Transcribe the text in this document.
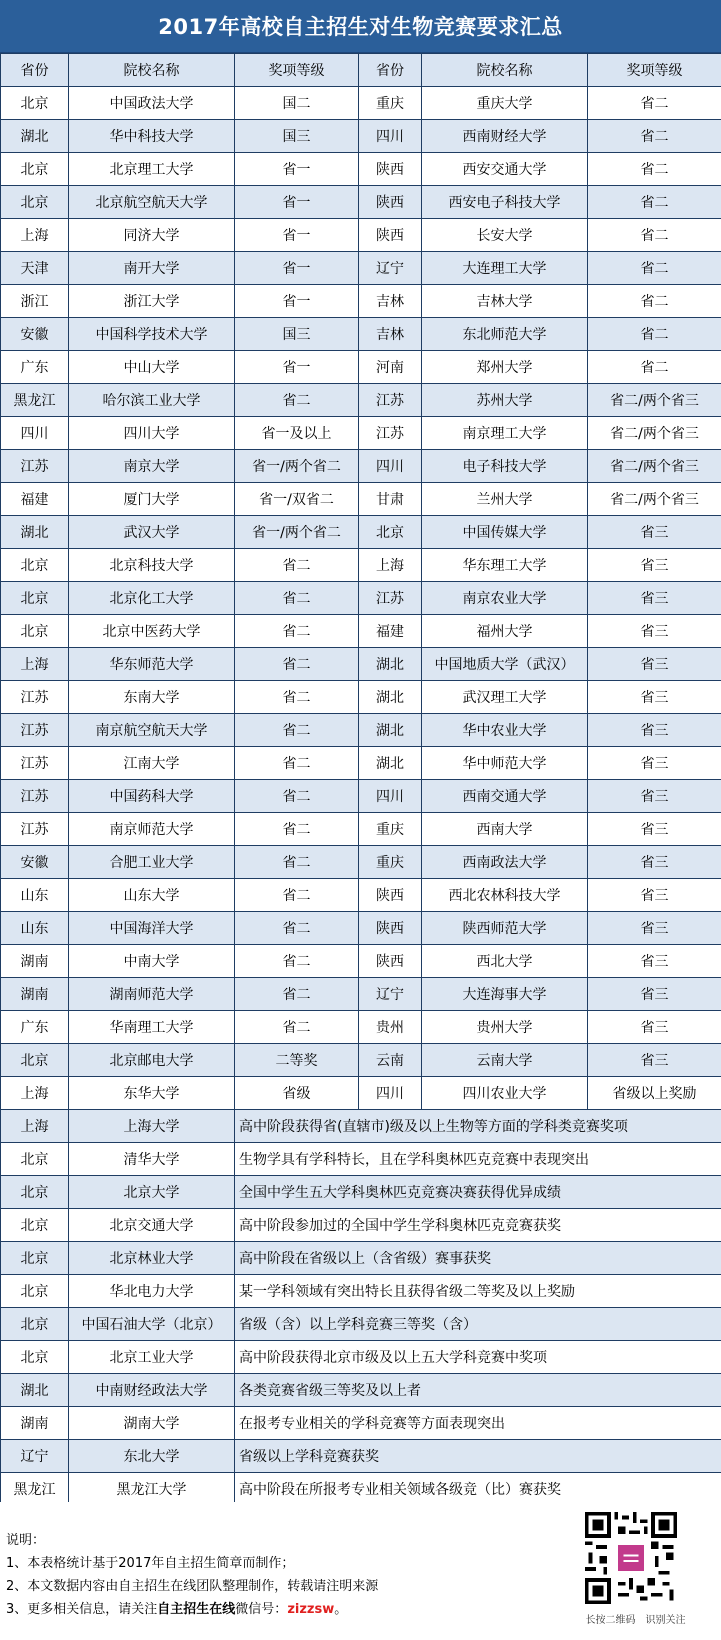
2017年高校自主招生对生物竞赛要求汇总
省份	院校名称	奖项等级	省份	院校名称	奖项等级
北京	中国政法大学	国二	重庆	重庆大学	省二
湖北	华中科技大学	国三	四川	西南财经大学	省二
北京	北京理工大学	省一	陕西	西安交通大学	省二
北京	北京航空航天大学	省一	陕西	西安电子科技大学	省二
上海	同济大学	省一	陕西	长安大学	省二
天津	南开大学	省一	辽宁	大连理工大学	省二
浙江	浙江大学	省一	吉林	吉林大学	省二
安徽	中国科学技术大学	国三	吉林	东北师范大学	省二
广东	中山大学	省一	河南	郑州大学	省二
黑龙江	哈尔滨工业大学	省二	江苏	苏州大学	省二/两个省三
四川	四川大学	省一及以上	江苏	南京理工大学	省二/两个省三
江苏	南京大学	省一/两个省二	四川	电子科技大学	省二/两个省三
福建	厦门大学	省一/双省二	甘肃	兰州大学	省二/两个省三
湖北	武汉大学	省一/两个省二	北京	中国传媒大学	省三
北京	北京科技大学	省二	上海	华东理工大学	省三
北京	北京化工大学	省二	江苏	南京农业大学	省三
北京	北京中医药大学	省二	福建	福州大学	省三
上海	华东师范大学	省二	湖北	中国地质大学（武汉）	省三
江苏	东南大学	省二	湖北	武汉理工大学	省三
江苏	南京航空航天大学	省二	湖北	华中农业大学	省三
江苏	江南大学	省二	湖北	华中师范大学	省三
江苏	中国药科大学	省二	四川	西南交通大学	省三
江苏	南京师范大学	省二	重庆	西南大学	省三
安徽	合肥工业大学	省二	重庆	西南政法大学	省三
山东	山东大学	省二	陕西	西北农林科技大学	省三
山东	中国海洋大学	省二	陕西	陕西师范大学	省三
湖南	中南大学	省二	陕西	西北大学	省三
湖南	湖南师范大学	省二	辽宁	大连海事大学	省三
广东	华南理工大学	省二	贵州	贵州大学	省三
北京	北京邮电大学	二等奖	云南	云南大学	省三
上海	东华大学	省级	四川	四川农业大学	省级以上奖励
上海	上海大学	高中阶段获得省(直辖市)级及以上生物等方面的学科类竞赛奖项			
北京	清华大学	生物学具有学科特长，且在学科奥林匹克竞赛中表现突出			
北京	北京大学	全国中学生五大学科奥林匹克竞赛决赛获得优异成绩			
北京	北京交通大学	高中阶段参加过的全国中学生学科奥林匹克竞赛获奖			
北京	北京林业大学	高中阶段在省级以上（含省级）赛事获奖			
北京	华北电力大学	某一学科领域有突出特长且获得省级二等奖及以上奖励			
北京	中国石油大学（北京）	省级（含）以上学科竞赛三等奖（含）			
北京	北京工业大学	高中阶段获得北京市级及以上五大学科竞赛中奖项			
湖北	中南财经政法大学	各类竞赛省级三等奖及以上者			
湖南	湖南大学	在报考专业相关的学科竞赛等方面表现突出			
辽宁	东北大学	省级以上学科竞赛获奖			
黑龙江	黑龙江大学	高中阶段在所报考专业相关领域各级竞（比）赛获奖			
说明：
1、本表格统计基于2017年自主招生简章而制作；
2、本文数据内容由自主招生在线团队整理制作，转载请注明来源
3、更多相关信息，请关注自主招生在线微信号：zizzsw。
长按二维码　识别关注
